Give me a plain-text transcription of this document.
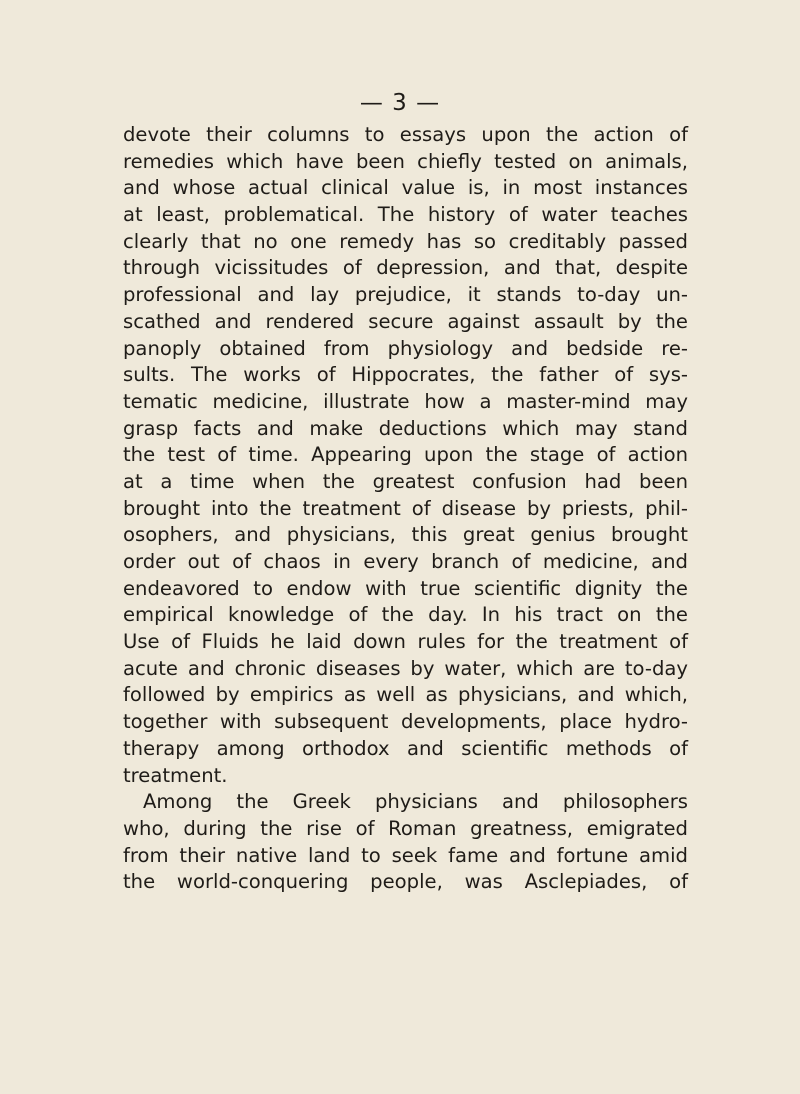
— 3 —
devote their columns to essays upon the action of
remedies which have been chiefly tested on animals,
and whose actual clinical value is, in most instances
at least, problematical. The history of water teaches
clearly that no one remedy has so creditably passed
through vicissitudes of depression, and that, despite
professional and lay prejudice, it stands to-day un-
scathed and rendered secure against assault by the
panoply obtained from physiology and bedside re-
sults. The works of Hippocrates, the father of sys-
tematic medicine, illustrate how a master-mind may
grasp facts and make deductions which may stand
the test of time. Appearing upon the stage of action
at a time when the greatest confusion had been
brought into the treatment of disease by priests, phil-
osophers, and physicians, this great genius brought
order out of chaos in every branch of medicine, and
endeavored to endow with true scientific dignity the
empirical knowledge of the day. In his tract on the
Use of Fluids he laid down rules for the treatment of
acute and chronic diseases by water, which are to-day
followed by empirics as well as physicians, and which,
together with subsequent developments, place hydro-
therapy among orthodox and scientific methods of
treatment.
Among the Greek physicians and philosophers
who, during the rise of Roman greatness, emigrated
from their native land to seek fame and fortune amid
the world-conquering people, was Asclepiades, of
